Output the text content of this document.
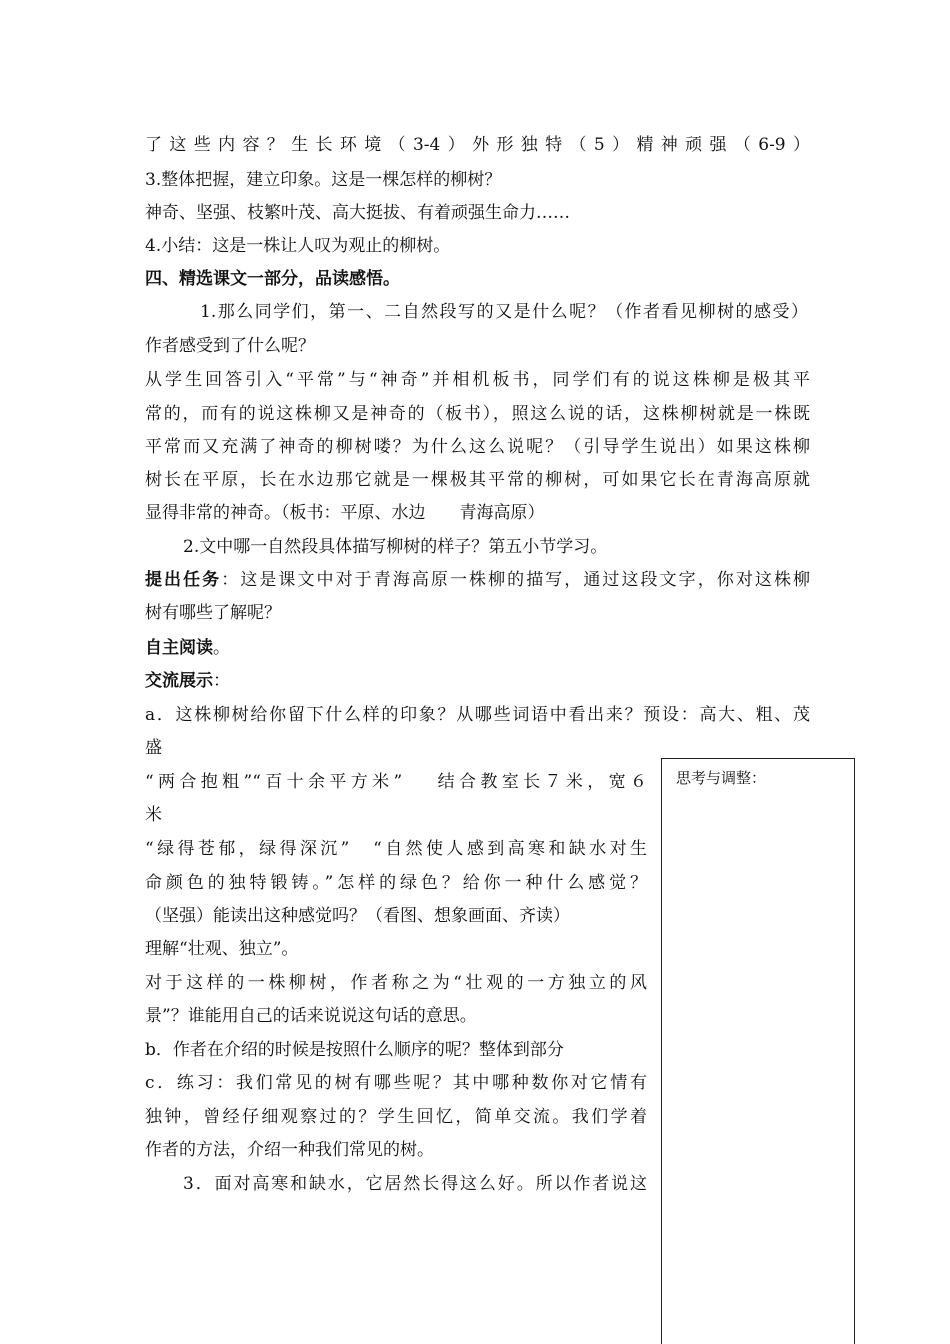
了这些内容？生长环境（3-4）外形独特（5）精神顽强（6-9）
3.整体把握，建立印象。这是一棵怎样的柳树？
神奇、坚强、枝繁叶茂、高大挺拔、有着顽强生命力……
4.小结：这是一株让人叹为观止的柳树。
四、精选课文一部分，品读感悟。
1.那么同学们，第一、二自然段写的又是什么呢？（作者看见柳树的感受）
作者感受到了什么呢？
从学生回答引入“平常”与“神奇”并相机板书，同学们有的说这株柳是极其平
常的，而有的说这株柳又是神奇的（板书），照这么说的话，这株柳树就是一株既
平常而又充满了神奇的柳树喽？为什么这么说呢？（引导学生说出）如果这株柳
树长在平原，长在水边那它就是一棵极其平常的柳树，可如果它长在青海高原就
显得非常的神奇。（板书：平原、水边　　青海高原）
2.文中哪一自然段具体描写柳树的样子？第五小节学习。
提出任务：这是课文中对于青海高原一株柳的描写，通过这段文字，你对这株柳
树有哪些了解呢？
自主阅读。
交流展示：
a．这株柳树给你留下什么样的印象？从哪些词语中看出来？预设：高大、粗、茂
盛
“两合抱粗”“百十余平方米”　 结合教室长７米，宽６
米
“绿得苍郁，绿得深沉”　“自然使人感到高寒和缺水对生
命颜色的独特锻铸。”怎样的绿色？给你一种什么感觉？
（坚强）能读出这种感觉吗？（看图、想象画面、齐读）
理解“壮观、独立”。
对于这样的一株柳树，作者称之为“壮观的一方独立的风
景”？谁能用自己的话来说说这句话的意思。
b．作者在介绍的时候是按照什么顺序的呢？整体到部分
c．练习：我们常见的树有哪些呢？其中哪种数你对它情有
独钟，曾经仔细观察过的？学生回忆，简单交流。我们学着
作者的方法，介绍一种我们常见的树。
3．面对高寒和缺水，它居然长得这么好。所以作者说这
思考与调整：
